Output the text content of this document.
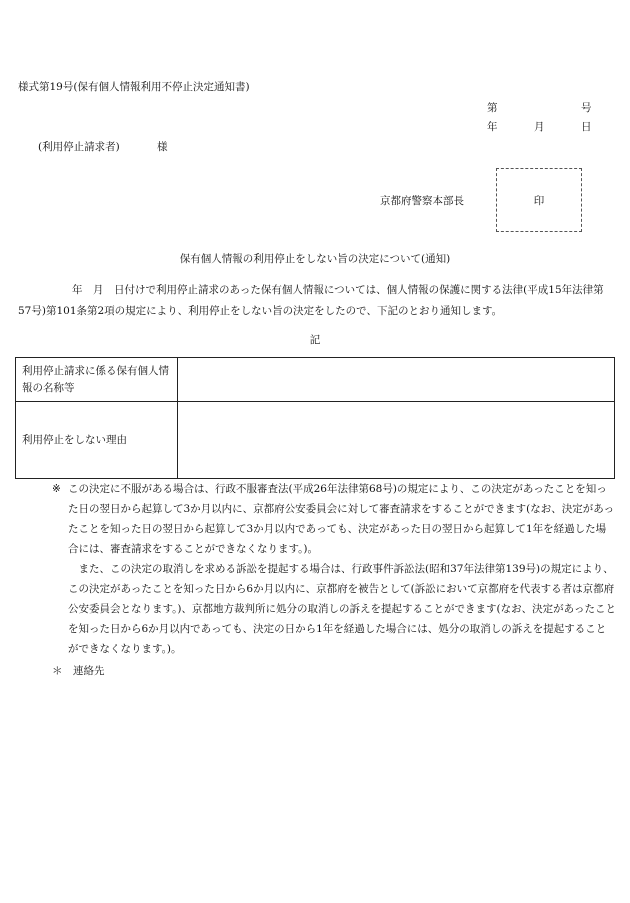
様式第19号(保有個人情報利用不停止決定通知書)
第	号
年	月	日
(利用停止請求者)	様
京都府警察本部長	印
保有個人情報の利用停止をしない旨の決定について(通知)
年　月　日付けで利用停止請求のあった保有個人情報については、個人情報の保護に関する法律(平成15年法律第57号)第101条第2項の規定により、利用停止をしない旨の決定をしたので、下記のとおり通知します。
記
利用停止請求に係る保有個人情報の名称等	
利用停止をしない理由	
※ この決定に不服がある場合は、行政不服審査法(平成26年法律第68号)の規定により、この決定があったことを知った日の翌日から起算して3か月以内に、京都府公安委員会に対して審査請求をすることができます(なお、決定があったことを知った日の翌日から起算して3か月以内であっても、決定があった日の翌日から起算して1年を経過した場合には、審査請求をすることができなくなります。)。
また、この決定の取消しを求める訴訟を提起する場合は、行政事件訴訟法(昭和37年法律第139号)の規定により、この決定があったことを知った日から6か月以内に、京都府を被告として(訴訟において京都府を代表する者は京都府公安委員会となります。)、京都地方裁判所に処分の取消しの訴えを提起することができます(なお、決定があったことを知った日から6か月以内であっても、決定の日から1年を経過した場合には、処分の取消しの訴えを提起することができなくなります。)。
＊　連絡先
